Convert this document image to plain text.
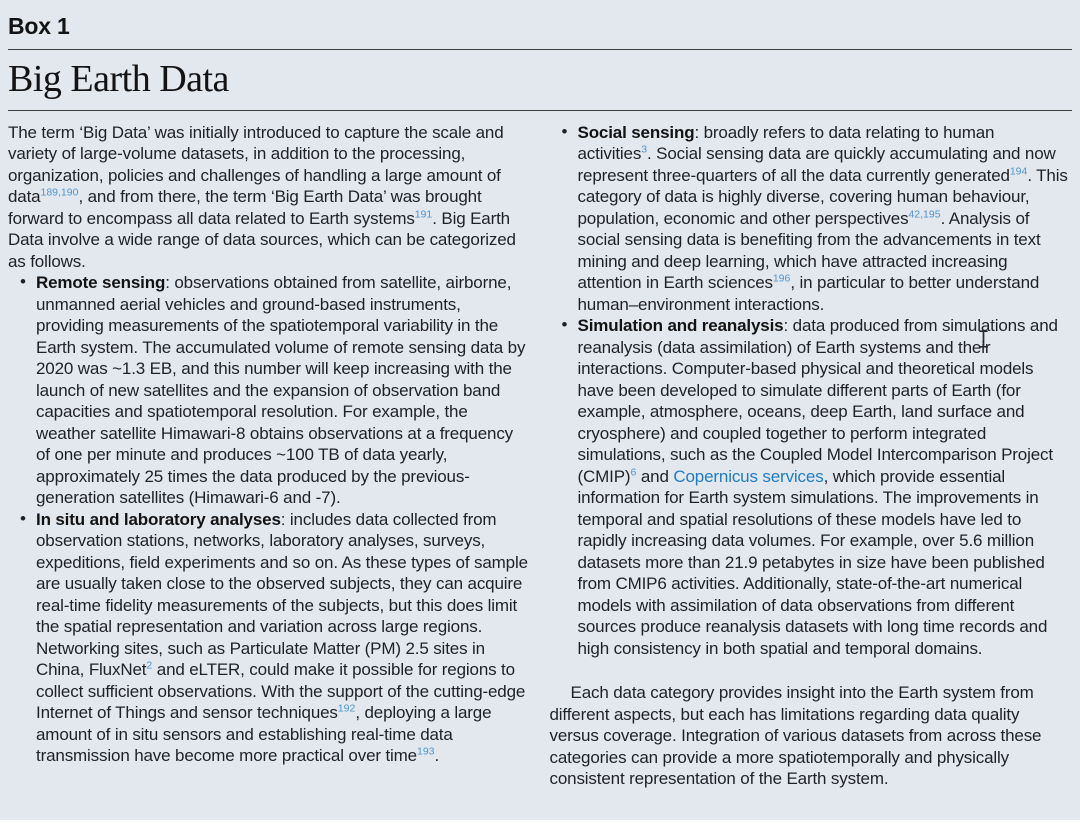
Box 1
Big Earth Data

The term ‘Big Data’ was initially introduced to capture the scale and variety of large-volume datasets, in addition to the processing, organization, policies and challenges of handling a large amount of data$^{189,190}$, and from there, the term ‘Big Earth Data’ was brought forward to encompass all data related to Earth systems$^{191}$. Big Earth Data involve a wide range of data sources, which can be categorized as follows.

• Remote sensing: observations obtained from satellite, airborne, unmanned aerial vehicles and ground-based instruments, providing measurements of the spatiotemporal variability in the Earth system. The accumulated volume of remote sensing data by 2020 was ~1.3 EB, and this number will keep increasing with the launch of new satellites and the expansion of observation band capacities and spatiotemporal resolution. For example, the weather satellite Himawari-8 obtains observations at a frequency of one per minute and produces ~100 TB of data yearly, approximately 25 times the data produced by the previous-generation satellites (Himawari-6 and -7).
• In situ and laboratory analyses: includes data collected from observation stations, networks, laboratory analyses, surveys, expeditions, field experiments and so on. As these types of sample are usually taken close to the observed subjects, they can acquire real-time fidelity measurements of the subjects, but this does limit the spatial representation and variation across large regions. Networking sites, such as Particulate Matter (PM) 2.5 sites in China, FluxNet$^2$ and eLTER, could make it possible for regions to collect sufficient observations. With the support of the cutting-edge Internet of Things and sensor techniques$^{192}$, deploying a large amount of in situ sensors and establishing real-time data transmission have become more practical over time$^{193}$.
• Social sensing: broadly refers to data relating to human activities$^3$. Social sensing data are quickly accumulating and now represent three-quarters of all the data currently generated$^{194}$. This category of data is highly diverse, covering human behaviour, population, economic and other perspectives$^{42,195}$. Analysis of social sensing data is benefiting from the advancements in text mining and deep learning, which have attracted increasing attention in Earth sciences$^{196}$, in particular to better understand human–environment interactions.
• Simulation and reanalysis: data produced from simulations and reanalysis (data assimilation) of Earth systems and their interactions. Computer-based physical and theoretical models have been developed to simulate different parts of Earth (for example, atmosphere, oceans, deep Earth, land surface and cryosphere) and coupled together to perform integrated simulations, such as the Coupled Model Intercomparison Project (CMIP)$^6$ and Copernicus services, which provide essential information for Earth system simulations. The improvements in temporal and spatial resolutions of these models have led to rapidly increasing data volumes. For example, over 5.6 million datasets more than 21.9 petabytes in size have been published from CMIP6 activities. Additionally, state-of-the-art numerical models with assimilation of data observations from different sources produce reanalysis datasets with long time records and high consistency in both spatial and temporal domains.

Each data category provides insight into the Earth system from different aspects, but each has limitations regarding data quality versus coverage. Integration of various datasets from across these categories can provide a more spatiotemporally and physically consistent representation of the Earth system.
